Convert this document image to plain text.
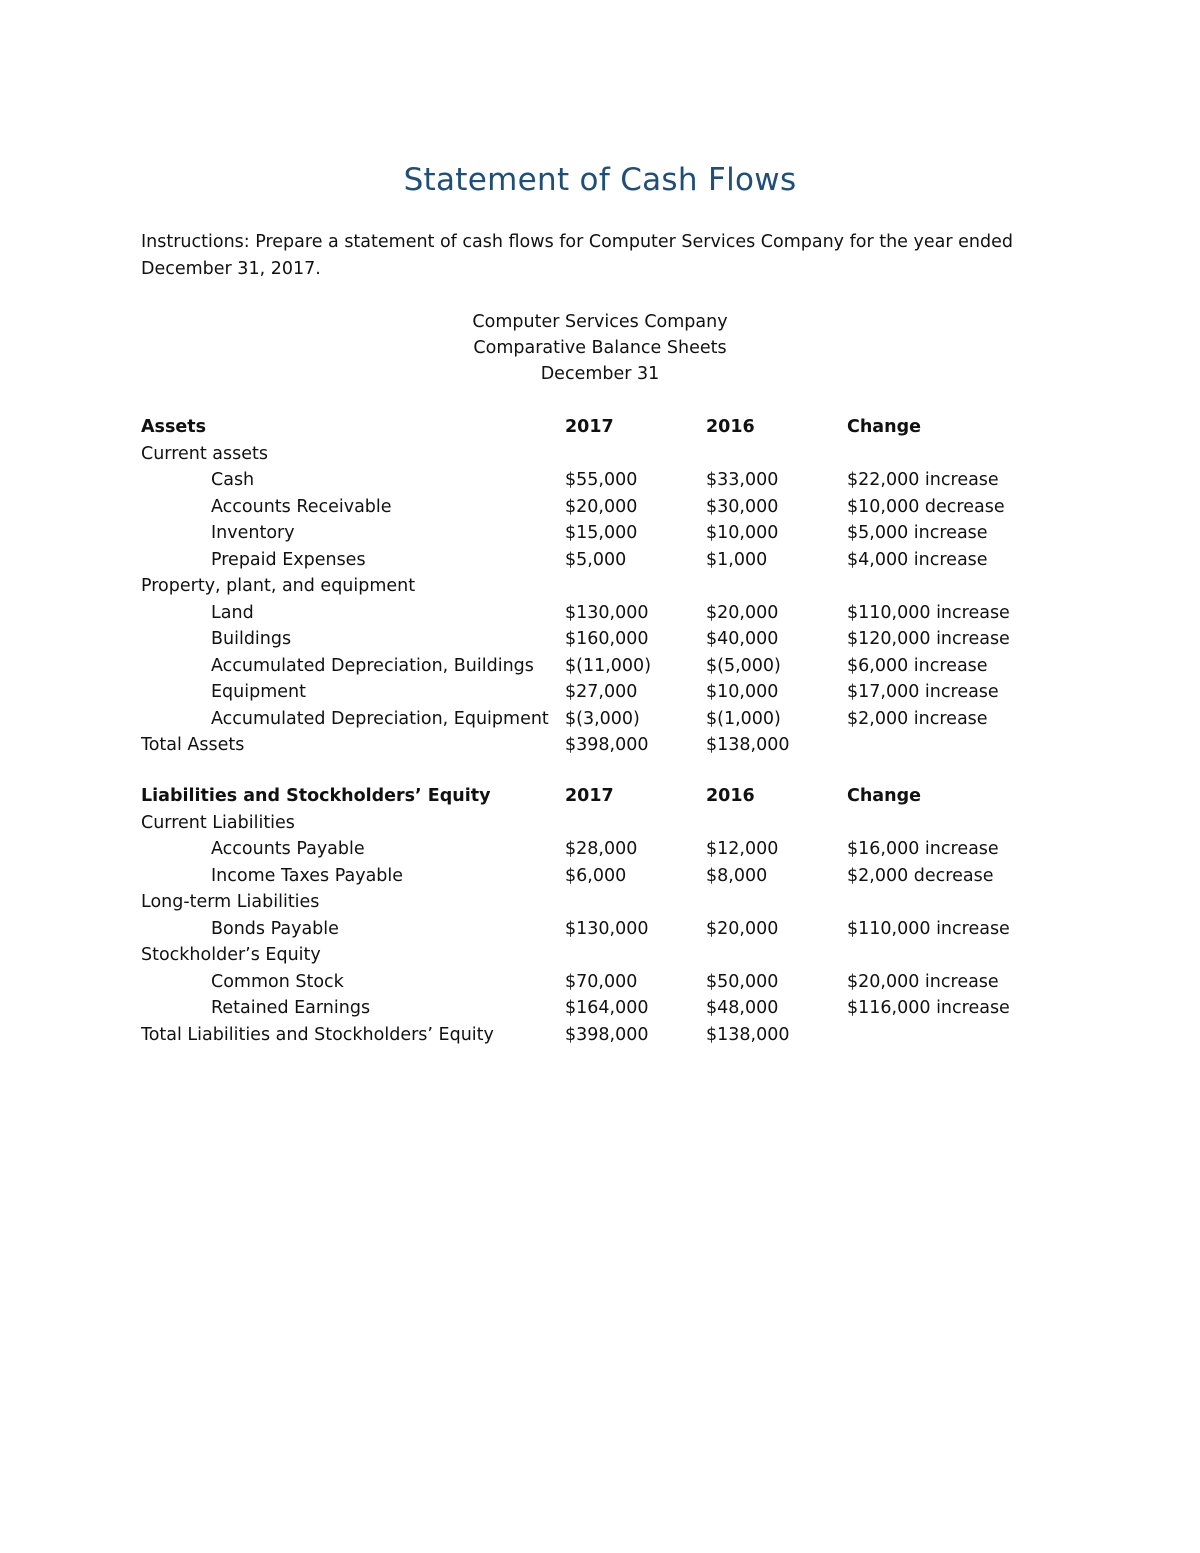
Statement of Cash Flows
Instructions: Prepare a statement of cash flows for Computer Services Company for the year ended December 31, 2017.
Computer Services Company
Comparative Balance Sheets
December 31
Assets	2017	2016	Change
Current assets
Cash	$55,000	$33,000	$22,000 increase
Accounts Receivable	$20,000	$30,000	$10,000 decrease
Inventory	$15,000	$10,000	$5,000 increase
Prepaid Expenses	$5,000	$1,000	$4,000 increase
Property, plant, and equipment
Land	$130,000	$20,000	$110,000 increase
Buildings	$160,000	$40,000	$120,000 increase
Accumulated Depreciation, Buildings $(11,000)	$(5,000)	$6,000 increase
Equipment	$27,000	$10,000	$17,000 increase
Accumulated Depreciation, Equipment $(3,000)	$(1,000)	$2,000 increase
Total Assets	$398,000	$138,000
Liabilities and Stockholders’ Equity	2017	2016	Change
Current Liabilities
Accounts Payable	$28,000	$12,000	$16,000 increase
Income Taxes Payable	$6,000	$8,000	$2,000 decrease
Long-term Liabilities
Bonds Payable	$130,000	$20,000	$110,000 increase
Stockholder’s Equity
Common Stock	$70,000	$50,000	$20,000 increase
Retained Earnings	$164,000	$48,000	$116,000 increase
Total Liabilities and Stockholders’ Equity	$398,000	$138,000
